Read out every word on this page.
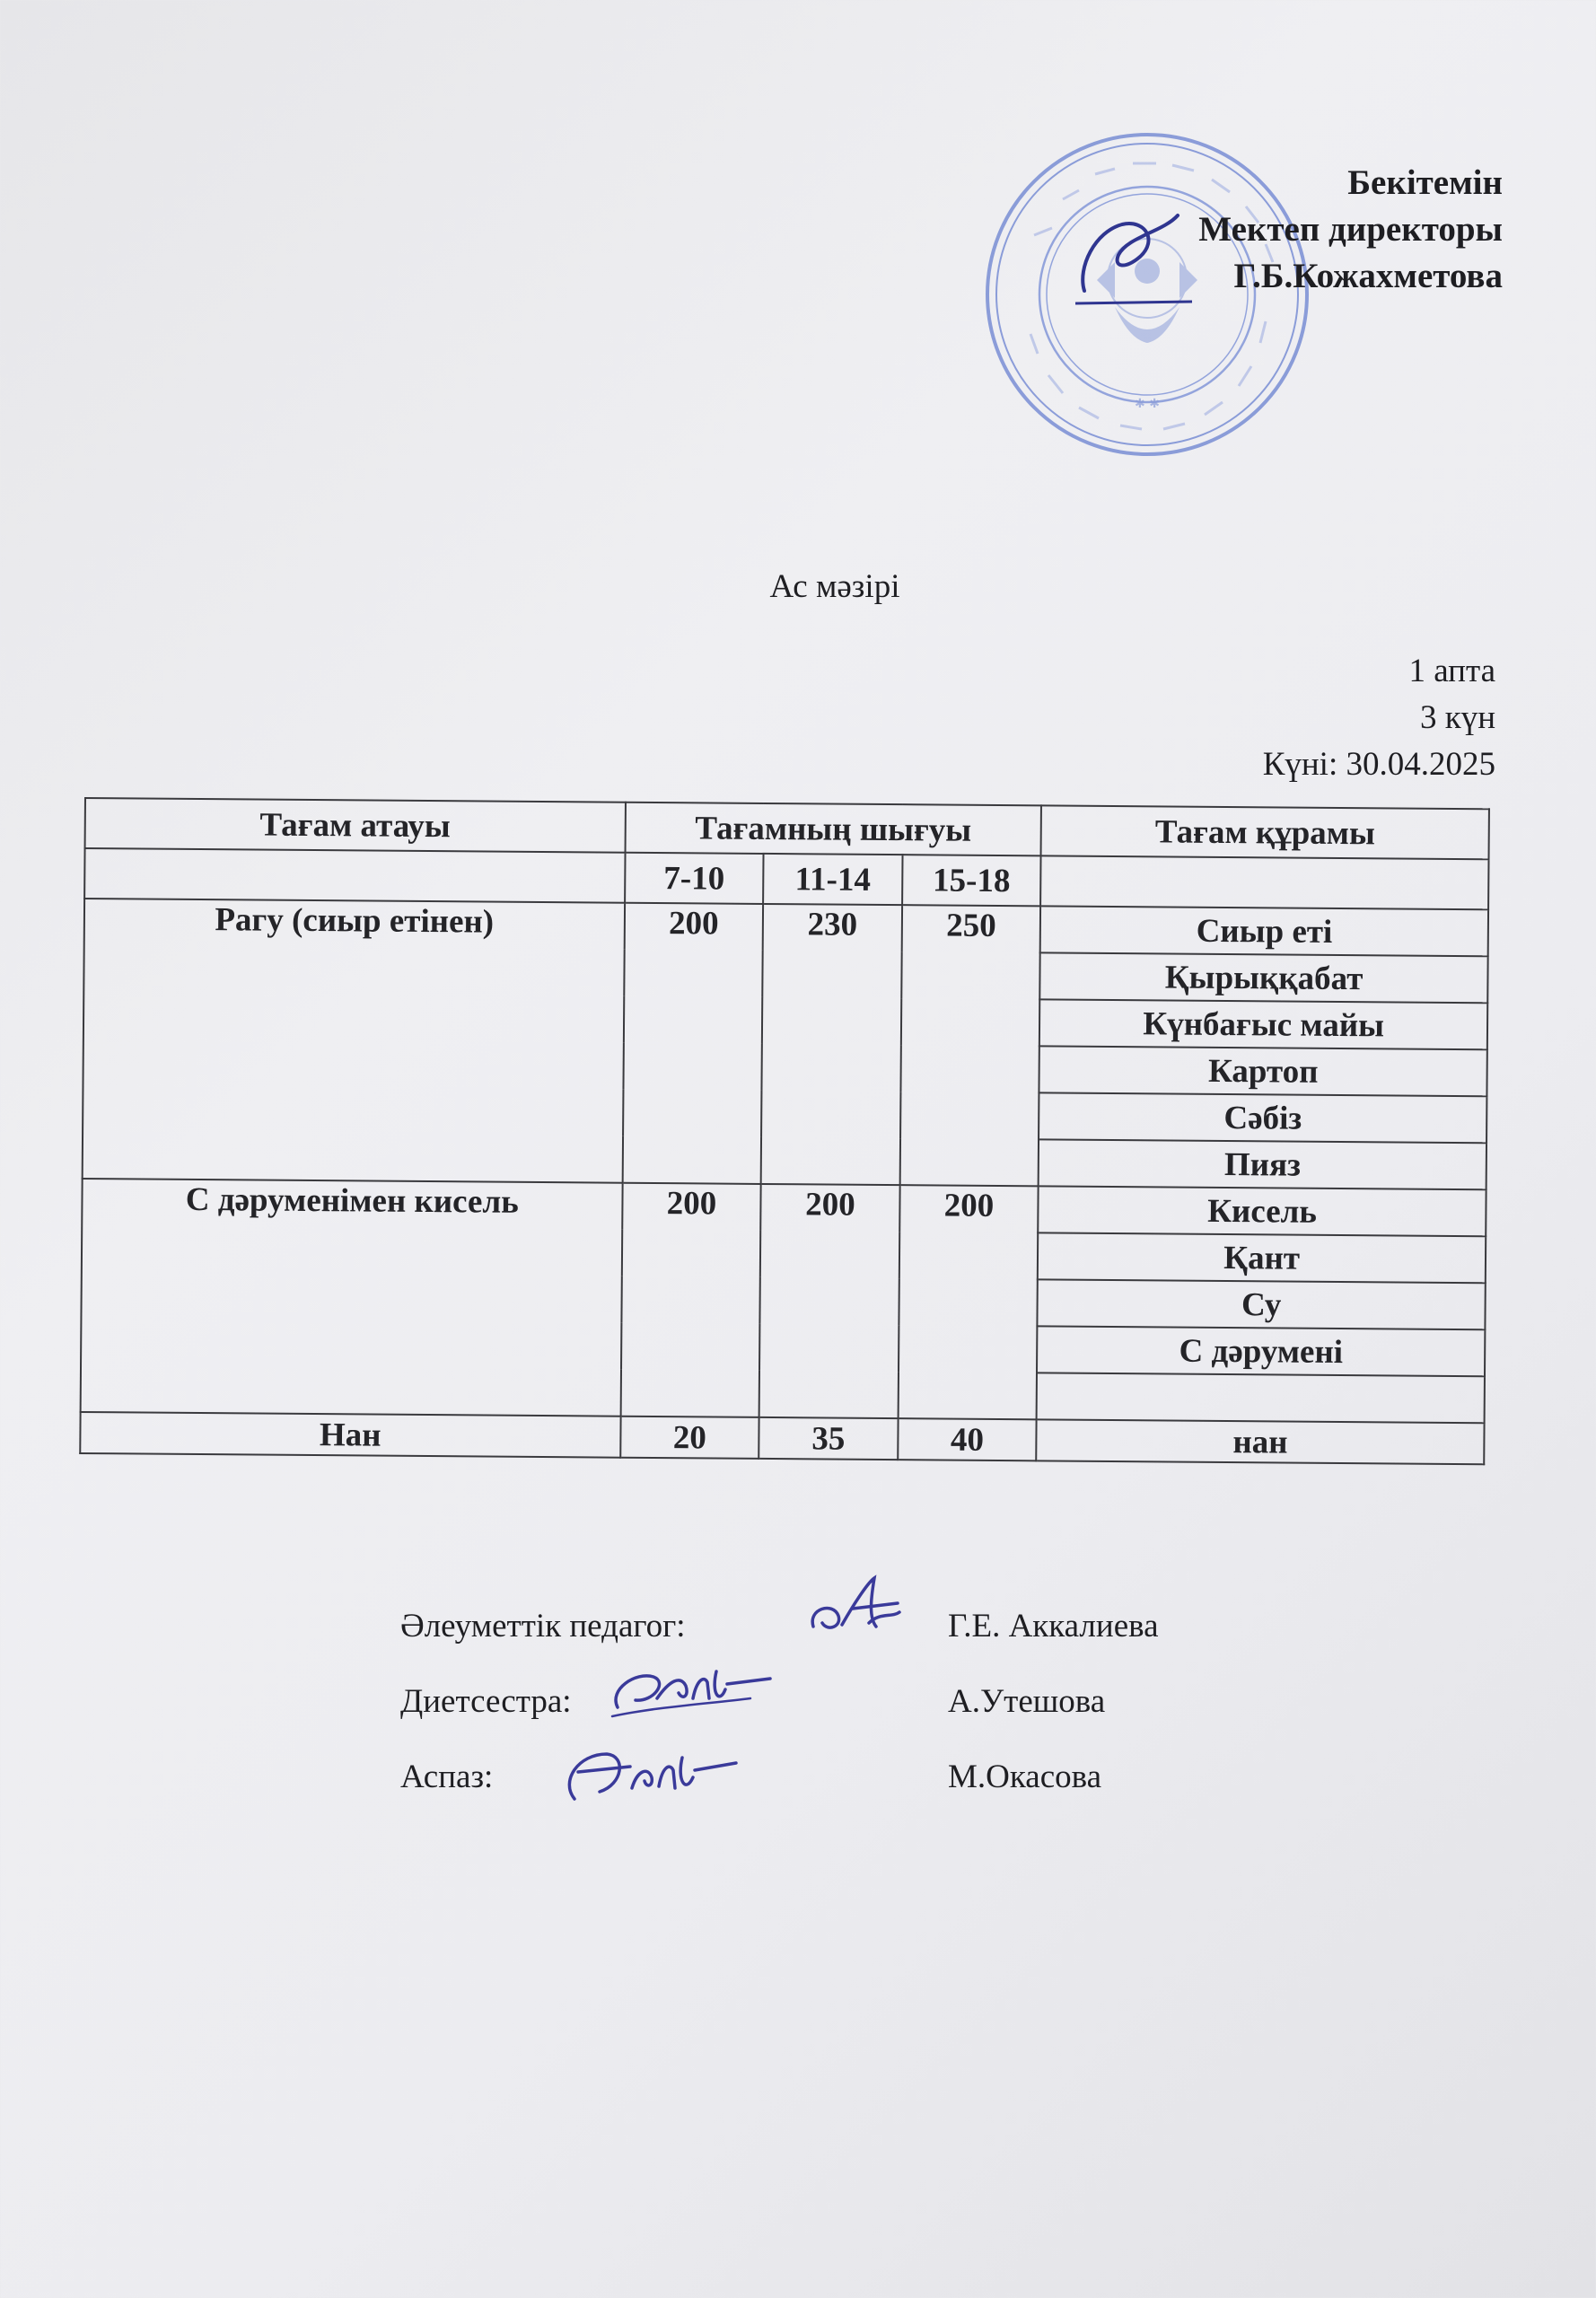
✱ ✱
Бекітемін
Мектеп директоры
Г.Б.Кожахметова
Ас мәзірі
1 апта
3 күн
Күні: 30.04.2025
Тағам атауы	Тағамның шығуы			Тағам құрамы
	7-10	11-14	15-18	
Рагу (сиыр етінен)	200	230	250	Сиыр еті
				Қырыққабат
				Күнбағыс майы
				Картоп
				Сәбіз
				Пияз
С дәруменімен кисель	200	200	200	Кисель
				Қант
				Су
				С дәрумені

Нан	20	35	40	нан
Әлеуметтік педагог:	Г.Е. Аккалиева
Диетсестра:	А.Утешова
Аспаз:	М.Окасова
